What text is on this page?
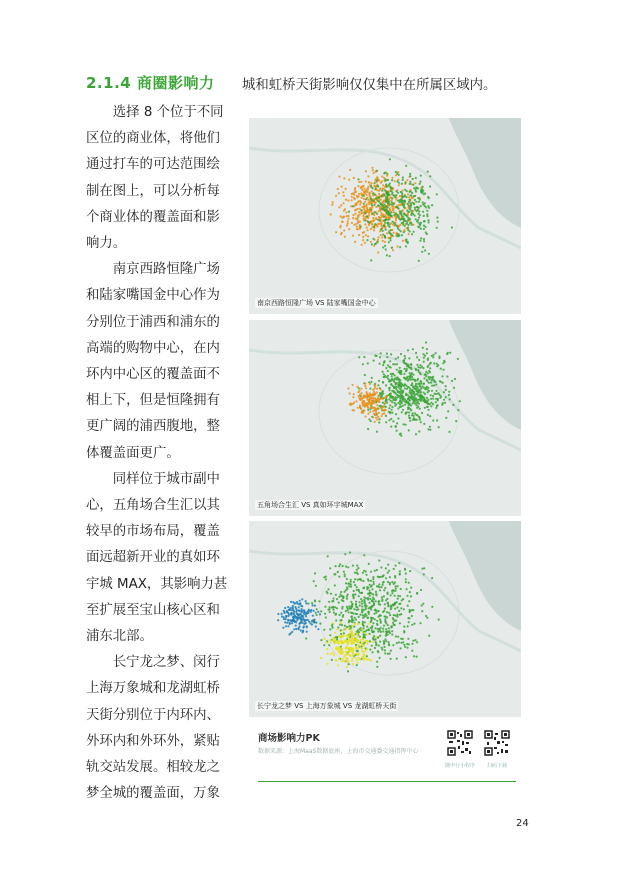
2.1.4 商圈影响力

选择 8 个位于不同区位的商业体，将他们通过打车的可达范围绘制在图上，可以分析每个商业体的覆盖面和影响力。

南京西路恒隆广场和陆家嘴国金中心作为分别位于浦西和浦东的高端的购物中心，在内环内中心区的覆盖面不相上下，但是恒隆拥有更广阔的浦西腹地，整体覆盖面更广。

同样位于城市副中心，五角场合生汇以其较早的市场布局，覆盖面远超新开业的真如环宇城 MAX，其影响力甚至扩展至宝山核心区和浦东北部。

长宁龙之梦、闵行上海万象城和龙湖虹桥天街分别位于内环内、外环内和外环外，紧贴轨交站发展。相较龙之梦全城的覆盖面，万象

城和虹桥天街影响仅仅集中在所属区域内。
南京西路恒隆广场 VS 陆家嘴国金中心
五角场合生汇 VS 真如环宇城MAX
长宁龙之梦 VS 上海万象城 VS 龙湖虹桥天街
商场影响力PK
数据来源：上海MaaS数据底座，上海市交通委交通指挥中心
随申行小程序 扫码下载
24
